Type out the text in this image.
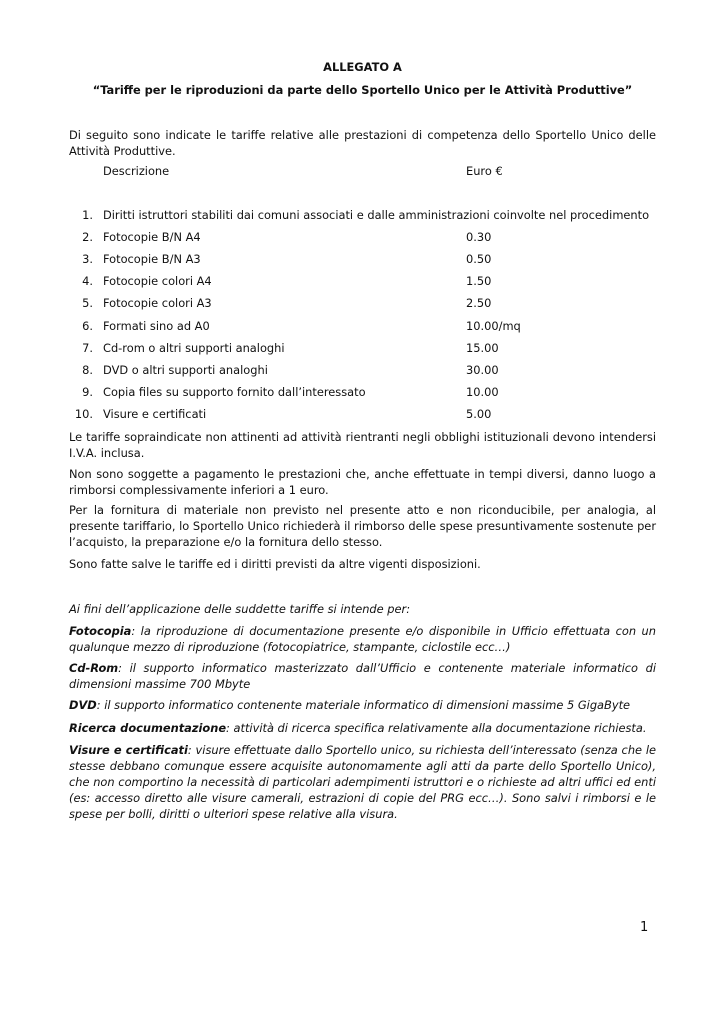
ALLEGATO A
“Tariffe per le riproduzioni da parte dello Sportello Unico per le Attività Produttive”

Di seguito sono indicate le tariffe relative alle prestazioni di competenza dello Sportello Unico delle Attività Produttive.

Descrizione	Euro €
1. Diritti istruttori stabiliti dai comuni associati e dalle amministrazioni coinvolte nel procedimento
2. Fotocopie B/N A4	0.30
3. Fotocopie B/N A3	0.50
4. Fotocopie colori A4	1.50
5. Fotocopie colori A3	2.50
6. Formati sino ad A0	10.00/mq
7. Cd-rom o altri supporti analoghi	15.00
8. DVD o altri supporti analoghi	30.00
9. Copia files su supporto fornito dall’interessato	10.00
10. Visure e certificati	5.00

Le tariffe sopraindicate non attinenti ad attività rientranti negli obblighi istituzionali devono intendersi I.V.A. inclusa.

Non sono soggette a pagamento le prestazioni che, anche effettuate in tempi diversi, danno luogo a rimborsi complessivamente inferiori a 1 euro.

Per la fornitura di materiale non previsto nel presente atto e non riconducibile, per analogia, al presente tariffario, lo Sportello Unico richiederà il rimborso delle spese presuntivamente sostenute per l’acquisto, la preparazione e/o la fornitura dello stesso.

Sono fatte salve le tariffe ed i diritti previsti da altre vigenti disposizioni.

Ai fini dell’applicazione delle suddette tariffe si intende per:

Fotocopia: la riproduzione di documentazione presente e/o disponibile in Ufficio effettuata con un qualunque mezzo di riproduzione (fotocopiatrice, stampante, ciclostile ecc…)

Cd-Rom: il supporto informatico masterizzato dall’Ufficio e contenente materiale informatico di dimensioni massime 700 Mbyte

DVD: il supporto informatico contenente materiale informatico di dimensioni massime 5 GigaByte

Ricerca documentazione: attività di ricerca specifica relativamente alla documentazione richiesta.

Visure e certificati: visure effettuate dallo Sportello unico, su richiesta dell’interessato (senza che le stesse debbano comunque essere acquisite autonomamente agli atti da parte dello Sportello Unico), che non comportino la necessità di particolari adempimenti istruttori e o richieste ad altri uffici ed enti (es: accesso diretto alle visure camerali, estrazioni di copie del PRG ecc…). Sono salvi i rimborsi e le spese per bolli, diritti o ulteriori spese relative alla visura.

1
